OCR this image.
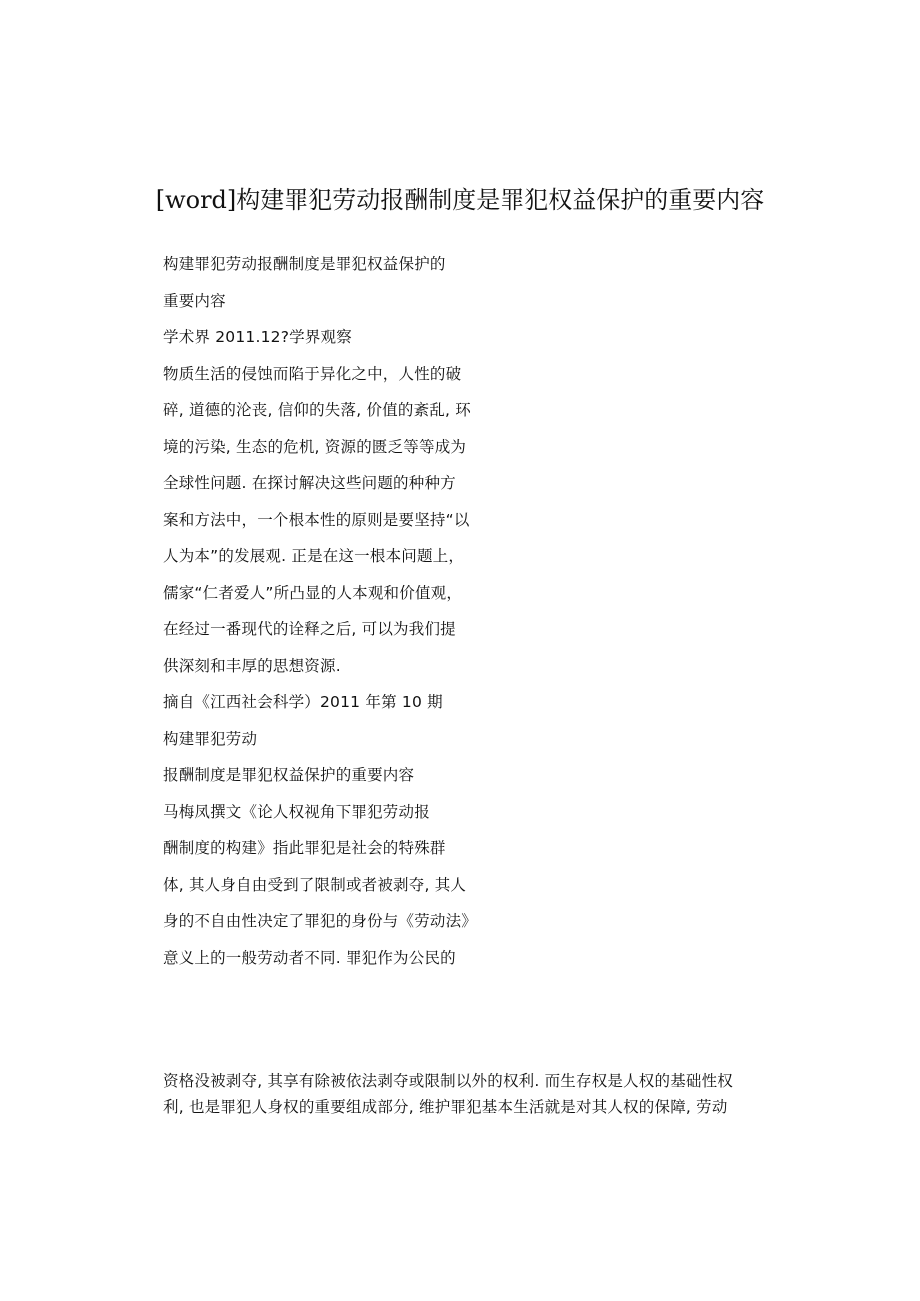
[word]构建罪犯劳动报酬制度是罪犯权益保护的重要内容
构建罪犯劳动报酬制度是罪犯权益保护的
重要内容
学术界 2011.12?学界观察
物质生活的侵蚀而陷于异化之中，人性的破
碎, 道德的沦丧, 信仰的失落, 价值的紊乱, 环
境的污染, 生态的危机, 资源的匮乏等等成为
全球性问题. 在探讨解决这些问题的种种方
案和方法中，一个根本性的原则是要坚持“以
人为本”的发展观. 正是在这一根本问题上，
儒家“仁者爱人”所凸显的人本观和价值观，
在经过一番现代的诠释之后, 可以为我们提
供深刻和丰厚的思想资源.
摘自《江西社会科学）2011 年第 10 期
构建罪犯劳动
报酬制度是罪犯权益保护的重要内容
马梅凤撰文《论人权视角下罪犯劳动报
酬制度的构建》指此罪犯是社会的特殊群
体, 其人身自由受到了限制或者被剥夺, 其人
身的不自由性决定了罪犯的身份与《劳动法》
意义上的一般劳动者不同. 罪犯作为公民的
资格没被剥夺, 其享有除被依法剥夺或限制以外的权利. 而生存权是人权的基础性权
利, 也是罪犯人身权的重要组成部分, 维护罪犯基本生活就是对其人权的保障, 劳动
